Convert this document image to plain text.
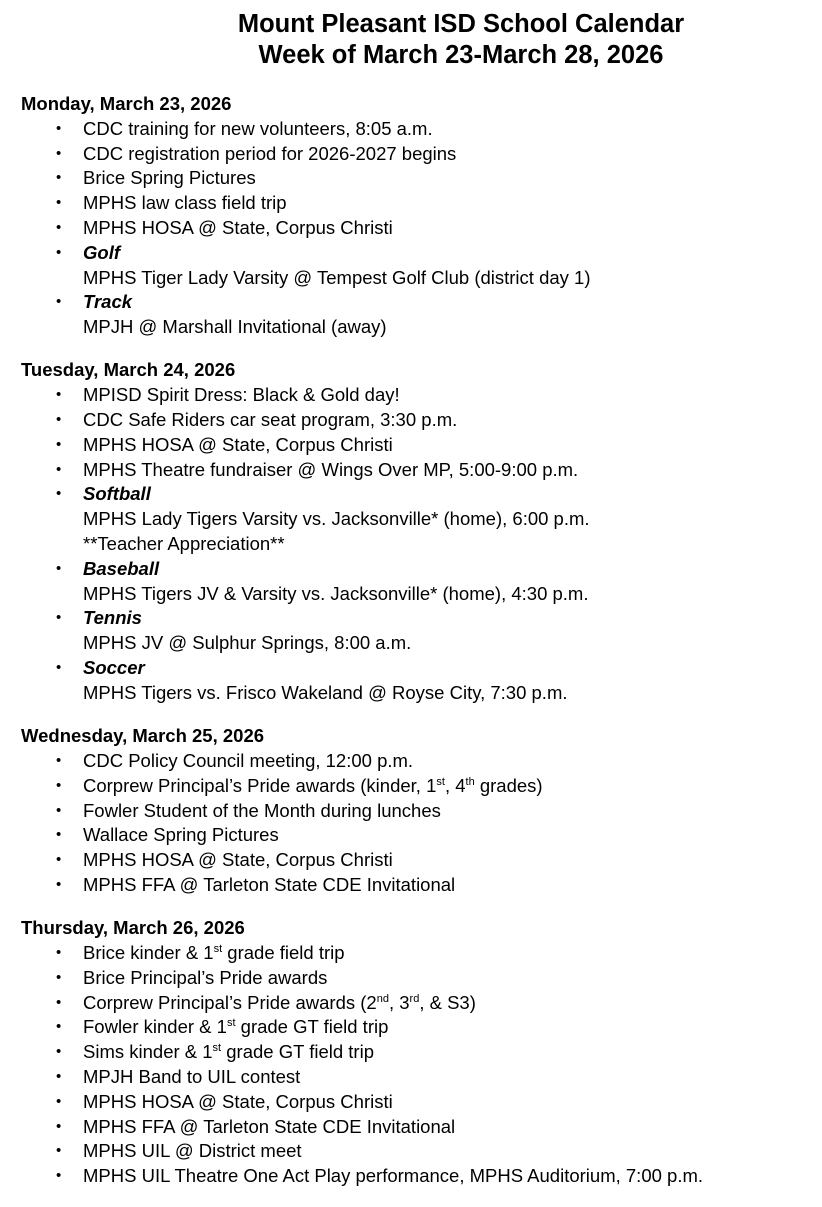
Mount Pleasant ISD School Calendar
Week of March 23-March 28, 2026
Monday, March 23, 2026
• CDC training for new volunteers, 8:05 a.m.
• CDC registration period for 2026-2027 begins
• Brice Spring Pictures
• MPHS law class field trip
• MPHS HOSA @ State, Corpus Christi
• Golf
MPHS Tiger Lady Varsity @ Tempest Golf Club (district day 1)
• Track
MPJH @ Marshall Invitational (away)
Tuesday, March 24, 2026
• MPISD Spirit Dress: Black & Gold day!
• CDC Safe Riders car seat program, 3:30 p.m.
• MPHS HOSA @ State, Corpus Christi
• MPHS Theatre fundraiser @ Wings Over MP, 5:00-9:00 p.m.
• Softball
MPHS Lady Tigers Varsity vs. Jacksonville* (home), 6:00 p.m.
**Teacher Appreciation**
• Baseball
MPHS Tigers JV & Varsity vs. Jacksonville* (home), 4:30 p.m.
• Tennis
MPHS JV @ Sulphur Springs, 8:00 a.m.
• Soccer
MPHS Tigers vs. Frisco Wakeland @ Royse City, 7:30 p.m.
Wednesday, March 25, 2026
• CDC Policy Council meeting, 12:00 p.m.
• Corprew Principal’s Pride awards (kinder, 1st, 4th grades)
• Fowler Student of the Month during lunches
• Wallace Spring Pictures
• MPHS HOSA @ State, Corpus Christi
• MPHS FFA @ Tarleton State CDE Invitational
Thursday, March 26, 2026
• Brice kinder & 1st grade field trip
• Brice Principal’s Pride awards
• Corprew Principal’s Pride awards (2nd, 3rd, & S3)
• Fowler kinder & 1st grade GT field trip
• Sims kinder & 1st grade GT field trip
• MPJH Band to UIL contest
• MPHS HOSA @ State, Corpus Christi
• MPHS FFA @ Tarleton State CDE Invitational
• MPHS UIL @ District meet
• MPHS UIL Theatre One Act Play performance, MPHS Auditorium, 7:00 p.m.
